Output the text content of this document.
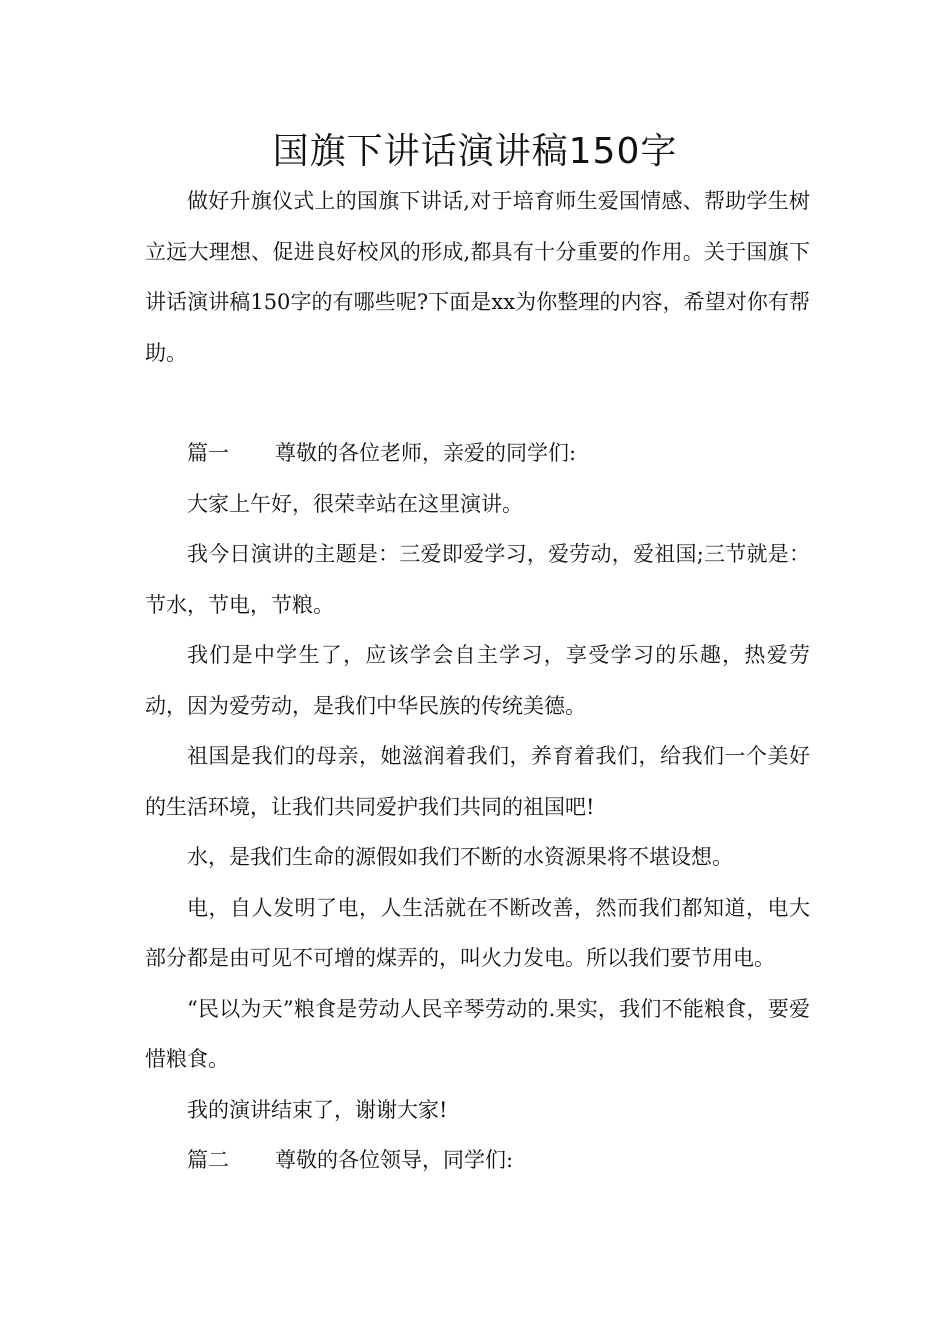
国旗下讲话演讲稿150字

做好升旗仪式上的国旗下讲话,对于培育师生爱国情感、帮助学生树立远大理想、促进良好校风的形成,都具有十分重要的作用。关于国旗下讲话演讲稿150字的有哪些呢?下面是xx为你整理的内容，希望对你有帮助。

篇一 尊敬的各位老师，亲爱的同学们:

大家上午好，很荣幸站在这里演讲。

我今日演讲的主题是：三爱即爱学习，爱劳动，爱祖国;三节就是：节水，节电，节粮。

我们是中学生了，应该学会自主学习，享受学习的乐趣，热爱劳动，因为爱劳动，是我们中华民族的传统美德。

祖国是我们的母亲，她滋润着我们，养育着我们，给我们一个美好的生活环境，让我们共同爱护我们共同的祖国吧!

水，是我们生命的源假如我们不断的水资源果将不堪设想。

电，自人发明了电，人生活就在不断改善，然而我们都知道，电大部分都是由可见不可增的煤弄的，叫火力发电。所以我们要节用电。

“民以为天”粮食是劳动人民辛琴劳动的.果实，我们不能粮食，要爱惜粮食。

我的演讲结束了，谢谢大家!

篇二 尊敬的各位领导，同学们:
